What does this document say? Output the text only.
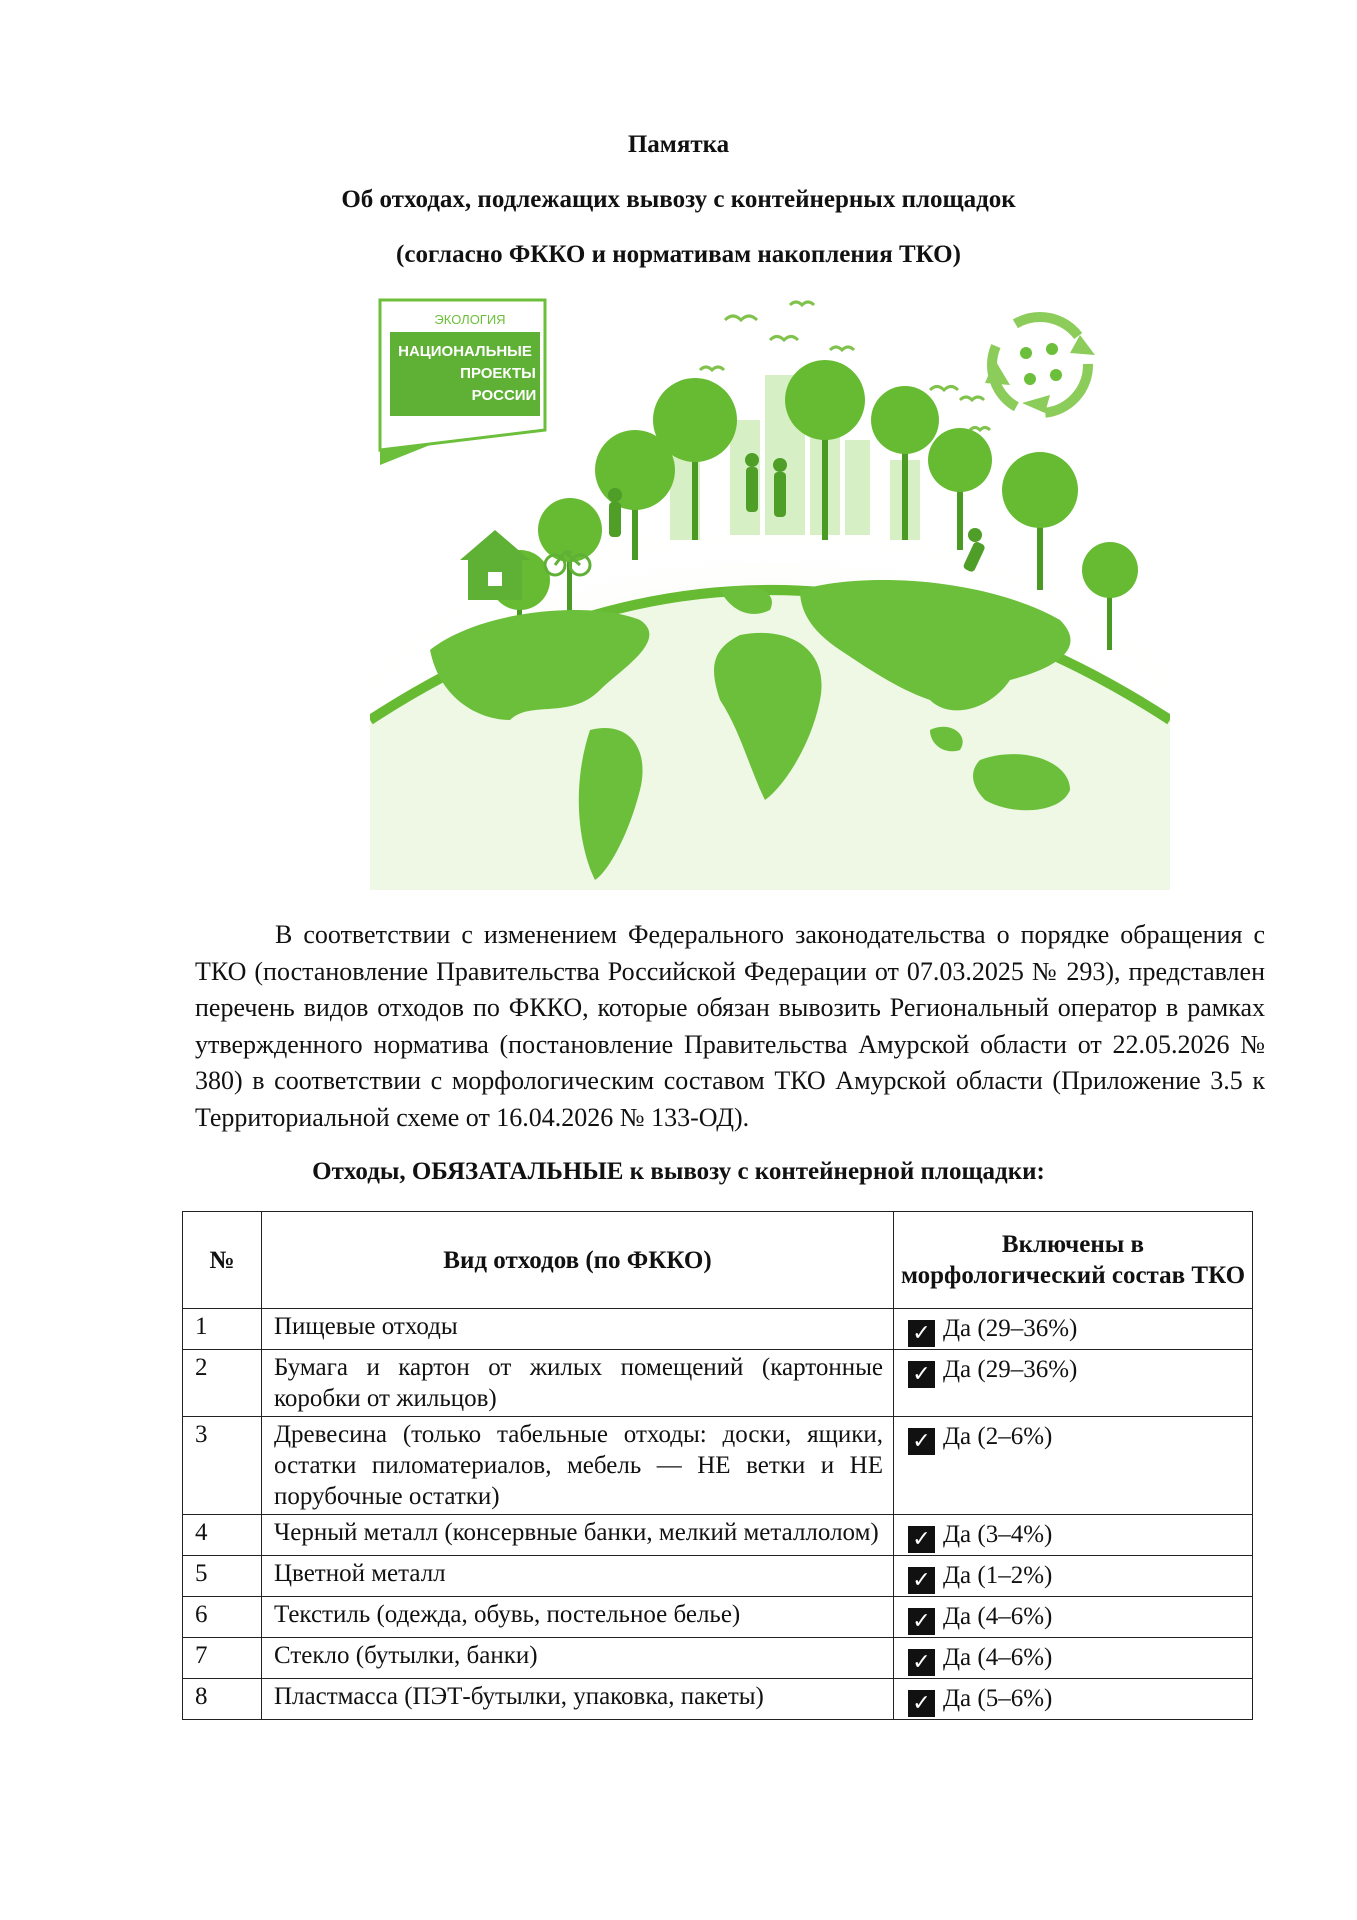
Памятка
Об отходах, подлежащих вывозу с контейнерных площадок
(согласно ФККО и нормативам накопления ТКО)
ЭКОЛОГИЯ
НАЦИОНАЛЬНЫЕ
ПРОЕКТЫ
РОССИИ

В соответствии с изменением Федерального законодательства о порядке обращения с ТКО (постановление Правительства Российской Федерации от 07.03.2025 № 293), представлен перечень видов отходов по ФККО, которые обязан вывозить Региональный оператор в рамках утвержденного норматива (постановление Правительства Амурской области от 22.05.2026 № 380) в соответствии с морфологическим составом ТКО Амурской области (Приложение 3.5 к Территориальной схеме от 16.04.2026 № 133-ОД).

Отходы, ОБЯЗАТАЛЬНЫЕ к вывозу с контейнерной площадки:
№	Вид отходов (по ФККО)	Включены в морфологический состав ТКО
1	Пищевые отходы	✓ Да (29–36%)
2	Бумага и картон от жилых помещений (картонные коробки от жильцов)	✓ Да (29–36%)
3	Древесина (только табельные отходы: доски, ящики, остатки пиломатериалов, мебель — НЕ ветки и НЕ порубочные остатки)	✓ Да (2–6%)
4	Черный металл (консервные банки, мелкий металлолом)	✓ Да (3–4%)
5	Цветной металл	✓ Да (1–2%)
6	Текстиль (одежда, обувь, постельное белье)	✓ Да (4–6%)
7	Стекло (бутылки, банки)	✓ Да (4–6%)
8	Пластмасса (ПЭТ-бутылки, упаковка, пакеты)	✓ Да (5–6%)
